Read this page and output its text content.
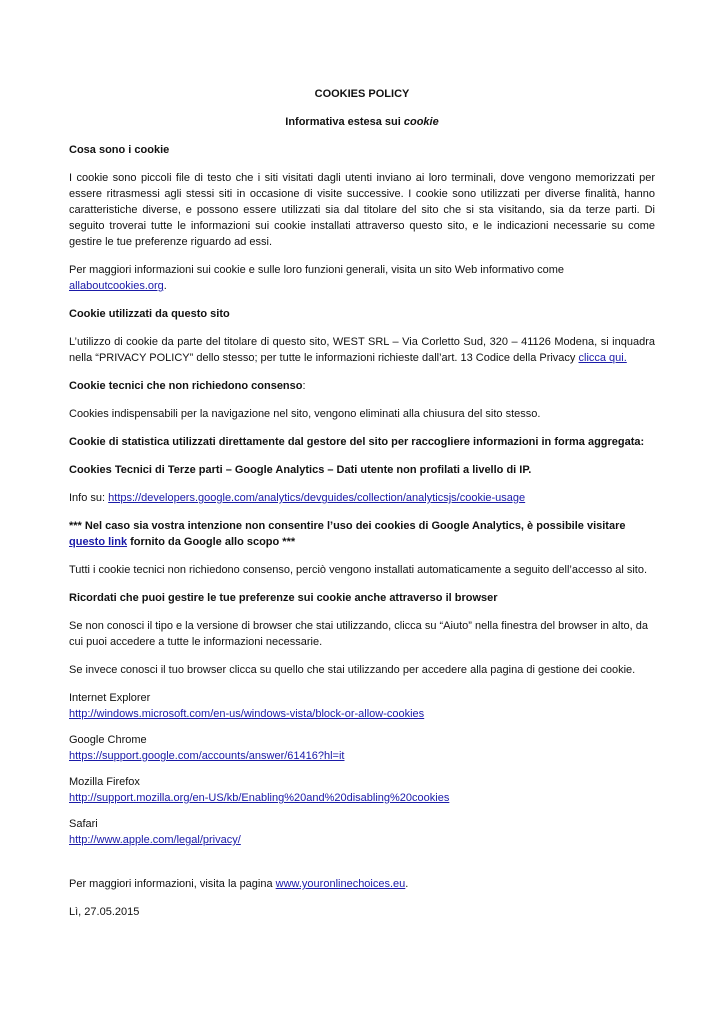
COOKIES POLICY

Informativa estesa sui cookie

Cosa sono i cookie

I cookie sono piccoli file di testo che i siti visitati dagli utenti inviano ai loro terminali, dove vengono memorizzati per essere ritrasmessi agli stessi siti in occasione di visite successive. I cookie sono utilizzati per diverse finalità, hanno caratteristiche diverse, e possono essere utilizzati sia dal titolare del sito che si sta visitando, sia da terze parti. Di seguito troverai tutte le informazioni sui cookie installati attraverso questo sito, e le indicazioni necessarie su come gestire le tue preferenze riguardo ad essi.

Per maggiori informazioni sui cookie e sulle loro funzioni generali, visita un sito Web informativo come allaboutcookies.org.

Cookie utilizzati da questo sito

L’utilizzo di cookie da parte del titolare di questo sito, WEST SRL – Via Corletto Sud, 320 – 41126 Modena, si inquadra nella “PRIVACY POLICY” dello stesso; per tutte le informazioni richieste dall’art. 13 Codice della Privacy clicca qui.

Cookie tecnici che non richiedono consenso:

Cookies indispensabili per la navigazione nel sito, vengono eliminati alla chiusura del sito stesso.

Cookie di statistica utilizzati direttamente dal gestore del sito per raccogliere informazioni in forma aggregata:

Cookies Tecnici di Terze parti – Google Analytics – Dati utente non profilati a livello di IP.

Info su: https://developers.google.com/analytics/devguides/collection/analyticsjs/cookie-usage

*** Nel caso sia vostra intenzione non consentire l’uso dei cookies di Google Analytics, è possibile visitare questo link fornito da Google allo scopo ***

Tutti i cookie tecnici non richiedono consenso, perciò vengono installati automaticamente a seguito dell’accesso al sito.

Ricordati che puoi gestire le tue preferenze sui cookie anche attraverso il browser

Se non conosci il tipo e la versione di browser che stai utilizzando, clicca su “Aiuto” nella finestra del browser in alto, da cui puoi accedere a tutte le informazioni necessarie.

Se invece conosci il tuo browser clicca su quello che stai utilizzando per accedere alla pagina di gestione dei cookie.

Internet Explorer
http://windows.microsoft.com/en-us/windows-vista/block-or-allow-cookies

Google Chrome
https://support.google.com/accounts/answer/61416?hl=it

Mozilla Firefox
http://support.mozilla.org/en-US/kb/Enabling%20and%20disabling%20cookies

Safari
http://www.apple.com/legal/privacy/

Per maggiori informazioni, visita la pagina www.youronlinechoices.eu.

Lì, 27.05.2015
